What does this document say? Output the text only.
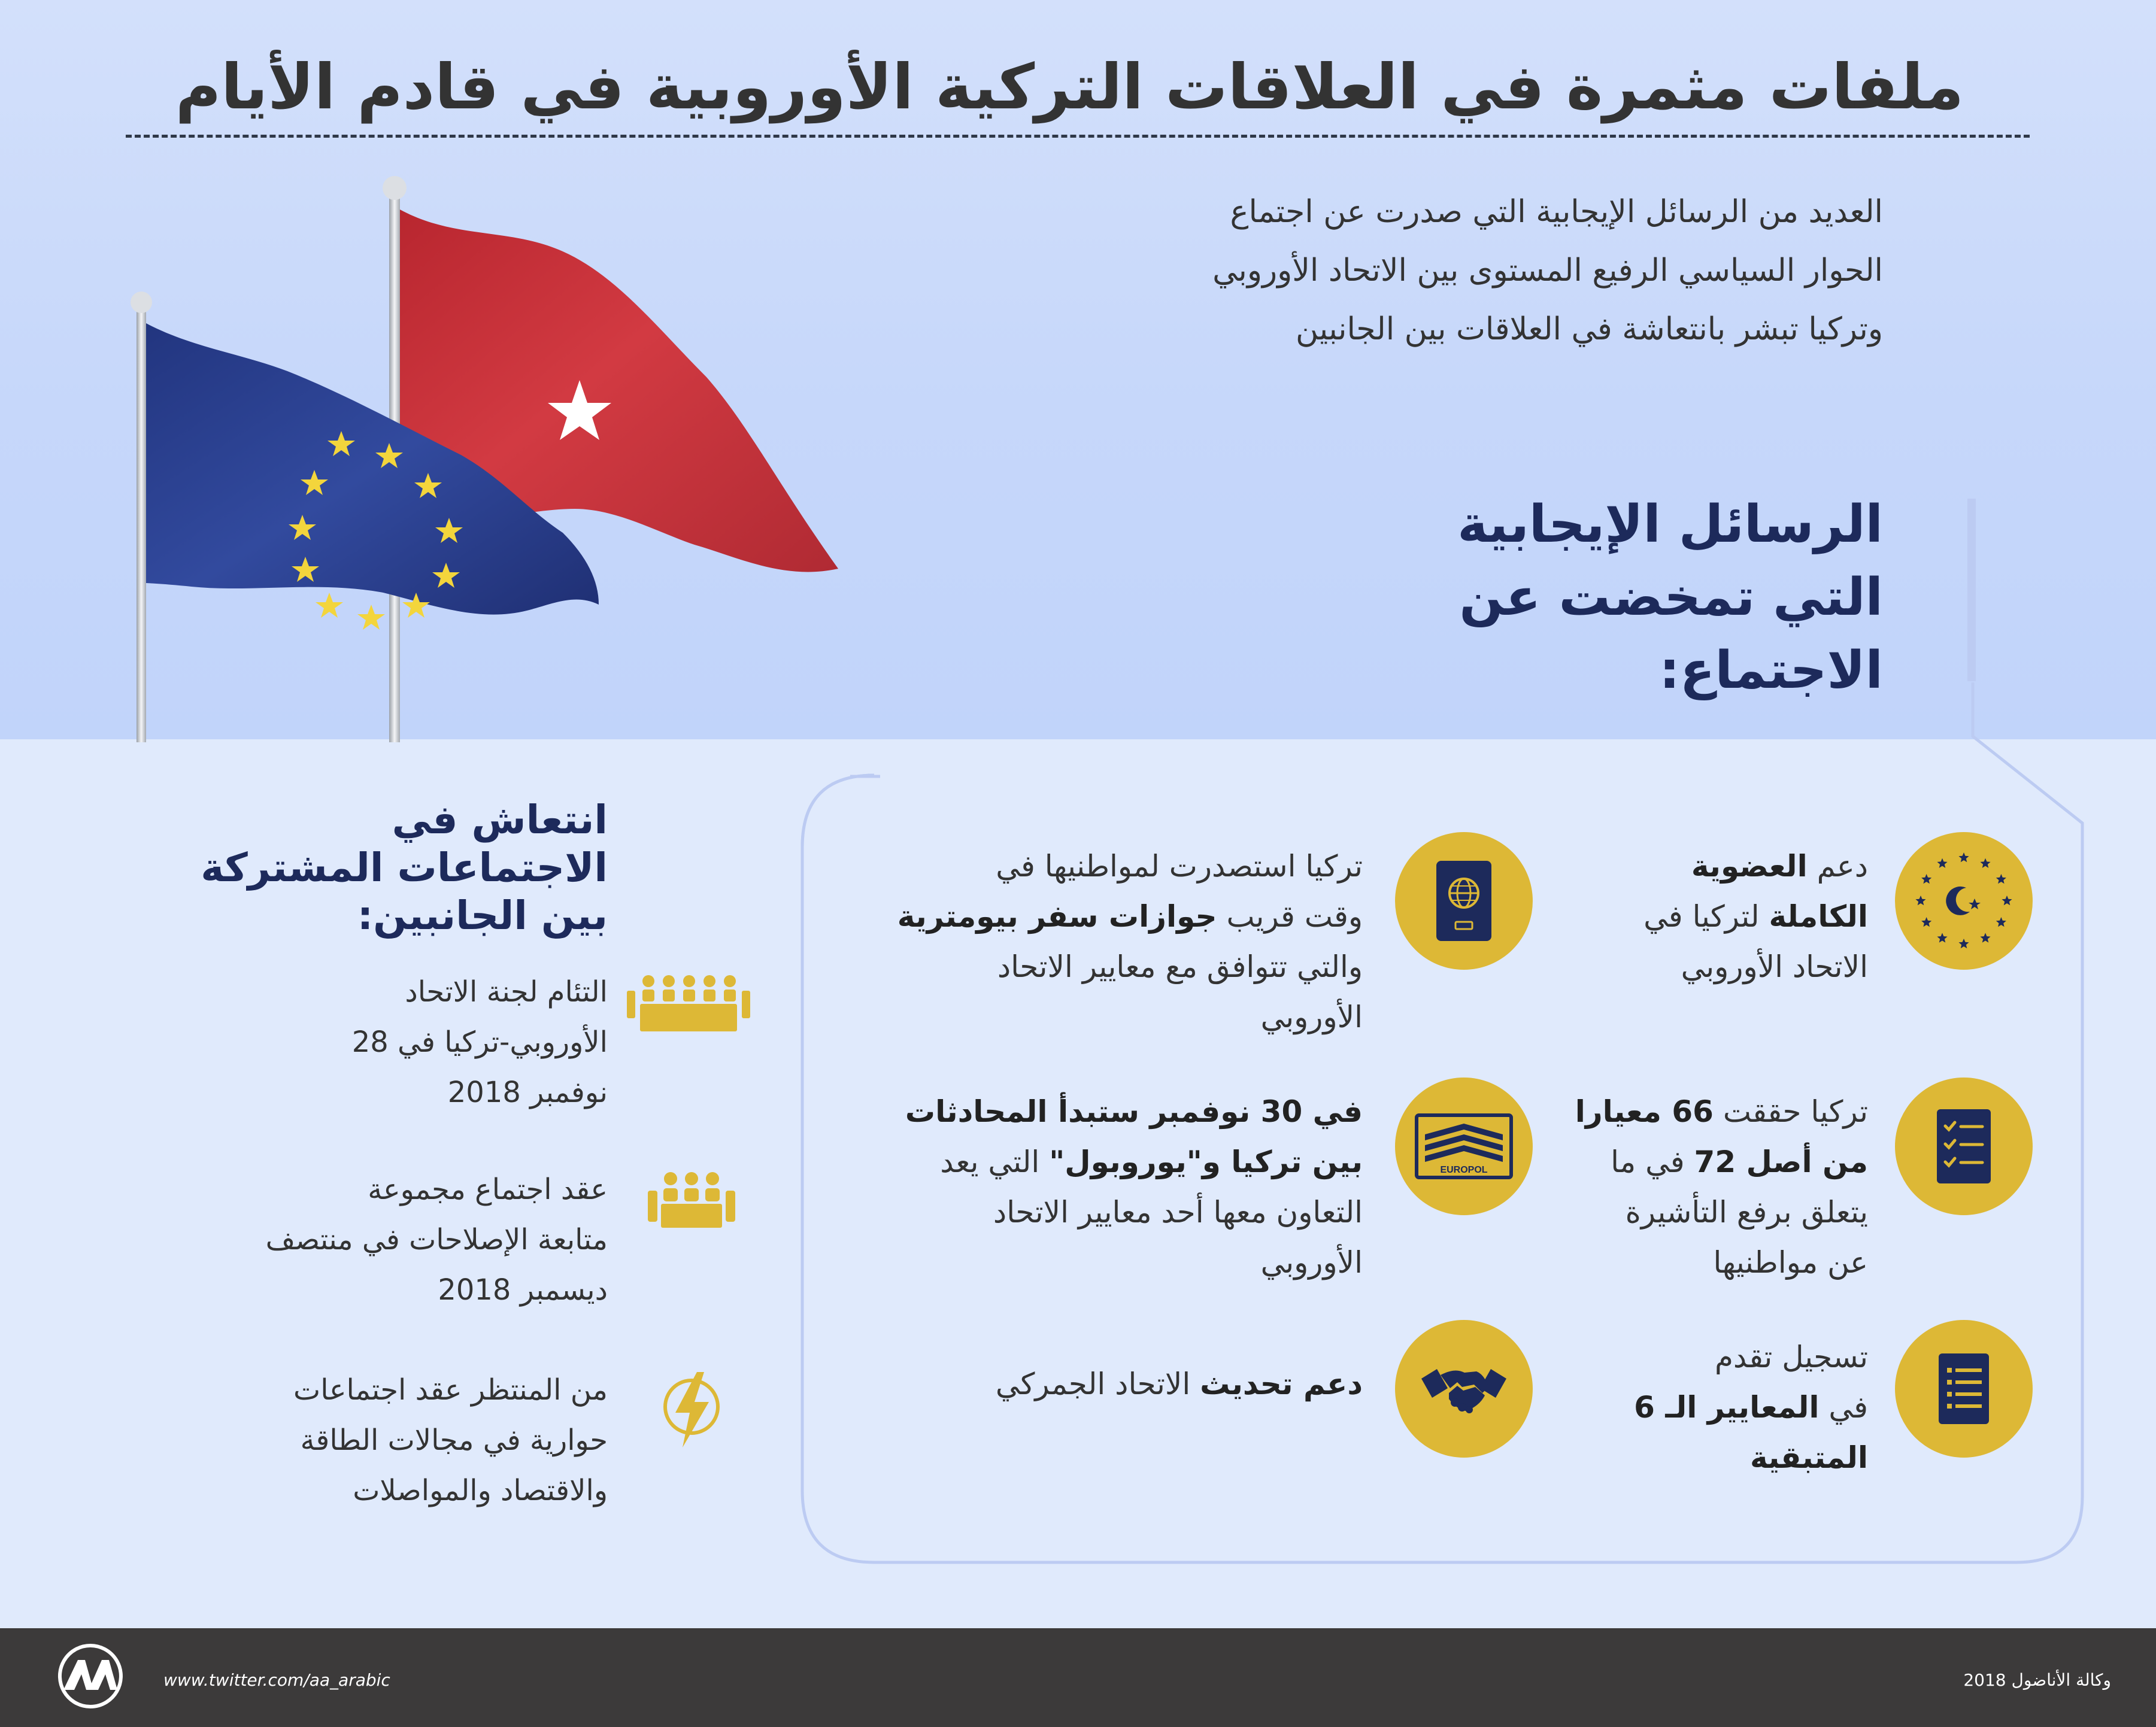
ملفات مثمرة في العلاقات التركية الأوروبية في قادم الأيام
العديد من الرسائل الإيجابية التي صدرت عن اجتماع
الحوار السياسي الرفيع المستوى بين الاتحاد الأوروبي
وتركيا تبشر بانتعاشة في العلاقات بين الجانبين
الرسائل الإيجابية
التي تمخضت عن
الاجتماع:
دعم العضوية
الكاملة لتركيا في
الاتحاد الأوروبي
تركيا استصدرت لمواطنيها في
وقت قريب جوازات سفر بيومترية
والتي تتوافق مع معايير الاتحاد
الأوروبي
تركيا حققت 66 معيارا
من أصل 72 في ما
يتعلق برفع التأشيرة
عن مواطنيها
EUROPOL
في 30 نوفمبر ستبدأ المحادثات
بين تركيا و"يوروبول" التي يعد
التعاون معها أحد معايير الاتحاد
الأوروبي
تسجيل تقدم
في المعايير الـ 6
المتبقية
دعم تحديث الاتحاد الجمركي
انتعاش في
الاجتماعات المشتركة
بين الجانبين:
التئام لجنة الاتحاد
الأوروبي-تركيا في 28
نوفمبر 2018
عقد اجتماع مجموعة
متابعة الإصلاحات في منتصف
ديسمبر 2018
من المنتظر عقد اجتماعات
حوارية في مجالات الطاقة
والاقتصاد والمواصلات
www.twitter.com/aa_arabic	وكالة الأناضول 2018
